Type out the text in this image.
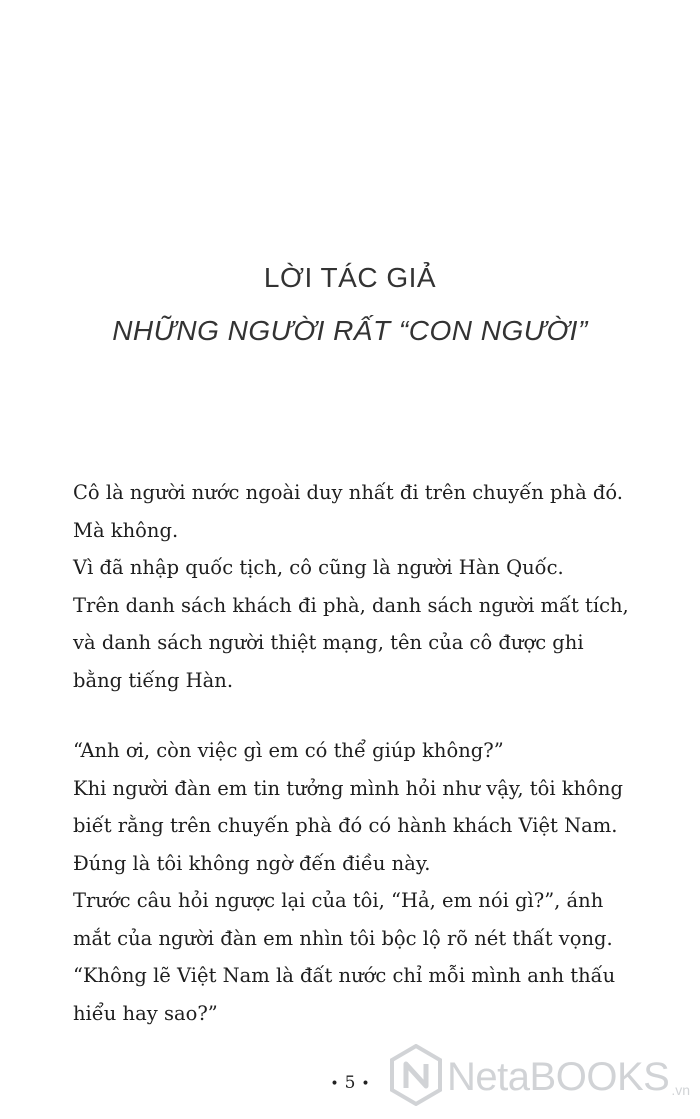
LỜI TÁC GIẢ
NHỮNG NGƯỜI RẤT “CON NGƯỜI”
Cô là người nước ngoài duy nhất đi trên chuyến phà đó.
Mà không.
Vì đã nhập quốc tịch, cô cũng là người Hàn Quốc.
Trên danh sách khách đi phà, danh sách người mất tích,
và danh sách người thiệt mạng, tên của cô được ghi
bằng tiếng Hàn.
“Anh ơi, còn việc gì em có thể giúp không?”
Khi người đàn em tin tưởng mình hỏi như vậy, tôi không
biết rằng trên chuyến phà đó có hành khách Việt Nam.
Đúng là tôi không ngờ đến điều này.
Trước câu hỏi ngược lại của tôi, “Hả, em nói gì?”, ánh
mắt của người đàn em nhìn tôi bộc lộ rõ nét thất vọng.
“Không lẽ Việt Nam là đất nước chỉ mỗi mình anh thấu
hiểu hay sao?”
• 5 •	NetaBOOKS .vn
